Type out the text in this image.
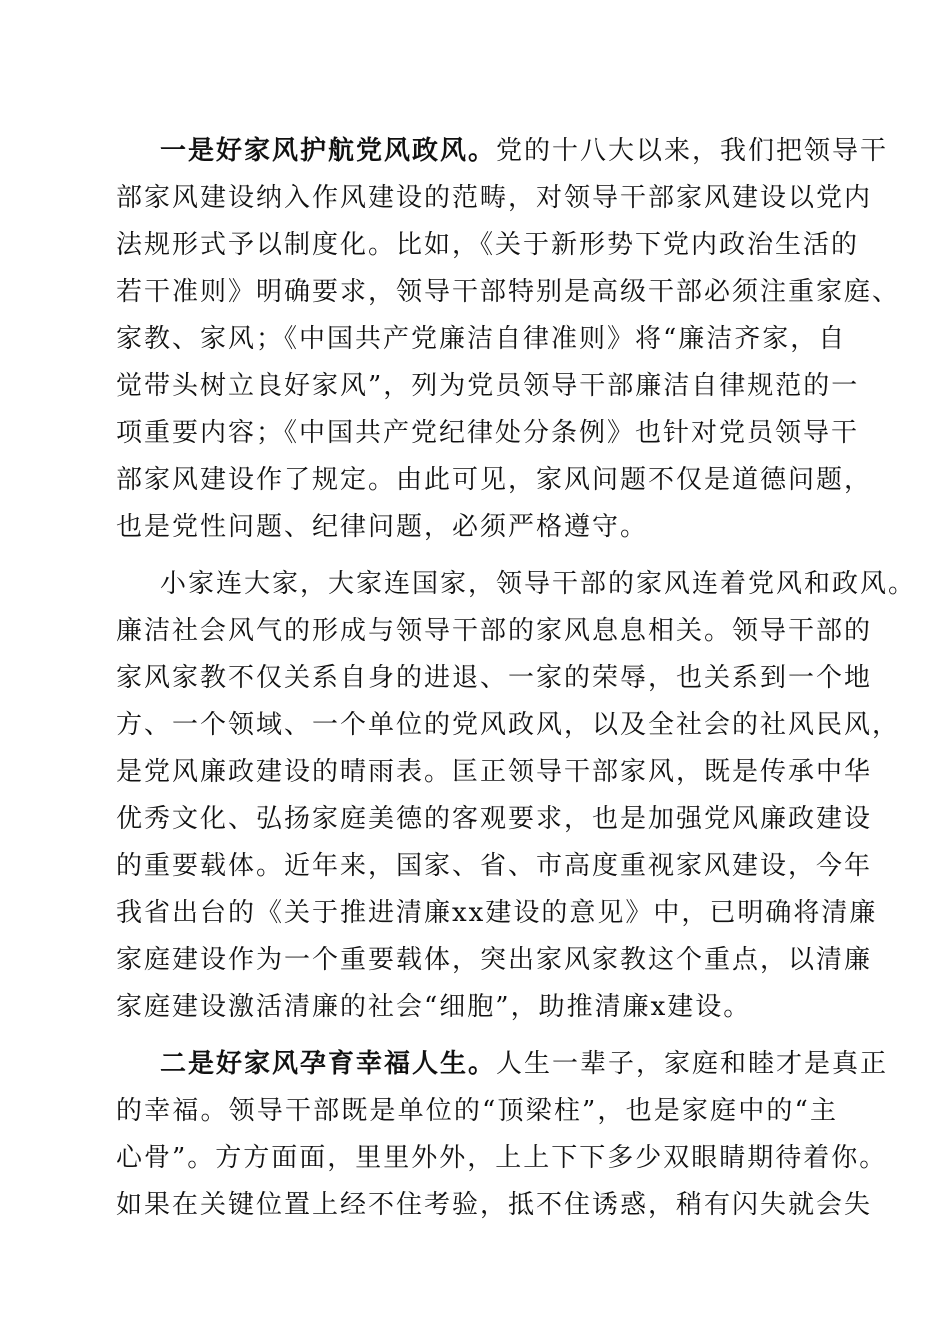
一是好家风护航党风政风。党的十八大以来，我们把领导干
部家风建设纳入作风建设的范畴，对领导干部家风建设以党内
法规形式予以制度化。比如，《关于新形势下党内政治生活的
若干准则》明确要求，领导干部特别是高级干部必须注重家庭、
家教、家风；《中国共产党廉洁自律准则》将“廉洁齐家，自
觉带头树立良好家风”，列为党员领导干部廉洁自律规范的一
项重要内容；《中国共产党纪律处分条例》也针对党员领导干
部家风建设作了规定。由此可见，家风问题不仅是道德问题，
也是党性问题、纪律问题，必须严格遵守。
小家连大家，大家连国家，领导干部的家风连着党风和政风。
廉洁社会风气的形成与领导干部的家风息息相关。领导干部的
家风家教不仅关系自身的进退、一家的荣辱，也关系到一个地
方、一个领域、一个单位的党风政风，以及全社会的社风民风，
是党风廉政建设的晴雨表。匡正领导干部家风，既是传承中华
优秀文化、弘扬家庭美德的客观要求，也是加强党风廉政建设
的重要载体。近年来，国家、省、市高度重视家风建设，今年
我省出台的《关于推进清廉xx建设的意见》中，已明确将清廉
家庭建设作为一个重要载体，突出家风家教这个重点，以清廉
家庭建设激活清廉的社会“细胞”，助推清廉x建设。
二是好家风孕育幸福人生。人生一辈子，家庭和睦才是真正
的幸福。领导干部既是单位的“顶梁柱”，也是家庭中的“主
心骨”。方方面面，里里外外，上上下下多少双眼睛期待着你。
如果在关键位置上经不住考验，抵不住诱惑，稍有闪失就会失
